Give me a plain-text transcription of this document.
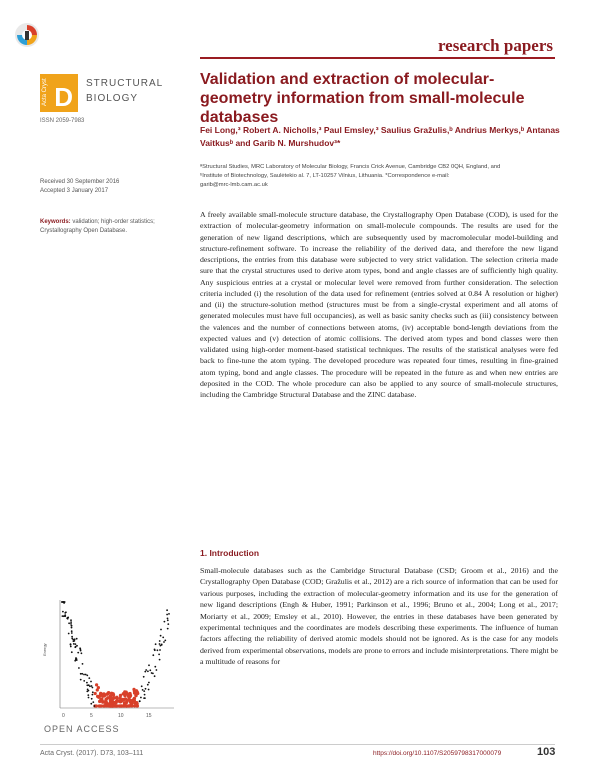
research papers
Acta Cryst D STRUCTURAL
BIOLOGY
ISSN 2059-7983
Validation and extraction of molecular-geometry information from small-molecule databases
Fei Long,³ Robert A. Nicholls,³ Paul Emsley,³ Saulius Gražulis,ᵇ Andrius Merkys,ᵇ Antanas Vaitkusᵇ and Garib N. Murshudov³*
ªStructural Studies, MRC Laboratory of Molecular Biology, Francis Crick Avenue, Cambridge CB2 0QH, England, and
ᵇInstitute of Biotechnology, Saulėtekio al. 7, LT-10257 Vilnius, Lithuania. *Correspondence e-mail:
garib@mrc-lmb.cam.ac.uk
Received 30 September 2016
Accepted 3 January 2017
Keywords: validation; high-order statistics; Crystallography Open Database.
A freely available small-molecule structure database, the Crystallography Open Database (COD), is used for the extraction of molecular-geometry information on small-molecule compounds. The results are used for the generation of new ligand descriptions, which are subsequently used by macromolecular model-building and structure-refinement software. To increase the reliability of the derived data, and therefore the new ligand descriptions, the entries from this database were subjected to very strict validation. The selection criteria made sure that the crystal structures used to derive atom types, bond and angle classes are of sufficiently high quality. Any suspicious entries at a crystal or molecular level were removed from further consideration. The selection criteria included (i) the resolution of the data used for refinement (entries solved at 0.84 Å resolution or higher) and (ii) the structure-solution method (structures must be from a single-crystal experiment and all atoms of generated molecules must have full occupancies), as well as basic sanity checks such as (iii) consistency between the valences and the number of connections between atoms, (iv) acceptable bond-length deviations from the expected values and (v) detection of atomic collisions. The derived atom types and bond classes were then validated using high-order moment-based statistical techniques. The results of the statistical analyses were fed back to fine-tune the atom typing. The developed procedure was repeated four times, resulting in fine-grained atom typing, bond and angle classes. The procedure will be repeated in the future as and when new entries are deposited in the COD. The whole procedure can also be applied to any source of small-molecule structures, including the Cambridge Structural Database and the ZINC database.
1. Introduction
Small-molecule databases such as the Cambridge Structural Database (CSD; Groom et al., 2016) and the Crystallography Open Database (COD; Gražulis et al., 2012) are a rich source of information that can be used for various purposes, including the extraction of molecular-geometry information and its use for the generation of new ligand descriptions (Engh & Huber, 1991; Parkinson et al., 1996; Bruno et al., 2004; Long et al., 2017; Moriarty et al., 2009; Emsley et al., 2010). However, the entries in these databases have been generated by experimental techniques and the coordinates are models describing these experiments. The influence of human factors affecting the reliability of derived atomic models should not be ignored. As is the case for any models derived from experimental observations, models are prone to errors and include misinterpretations. There might be a multitude of reasons for
Energy
0	5	10	15
OPEN ACCESS
Acta Cryst. (2017). D73, 103–111	https://doi.org/10.1107/S2059798317000079	103
